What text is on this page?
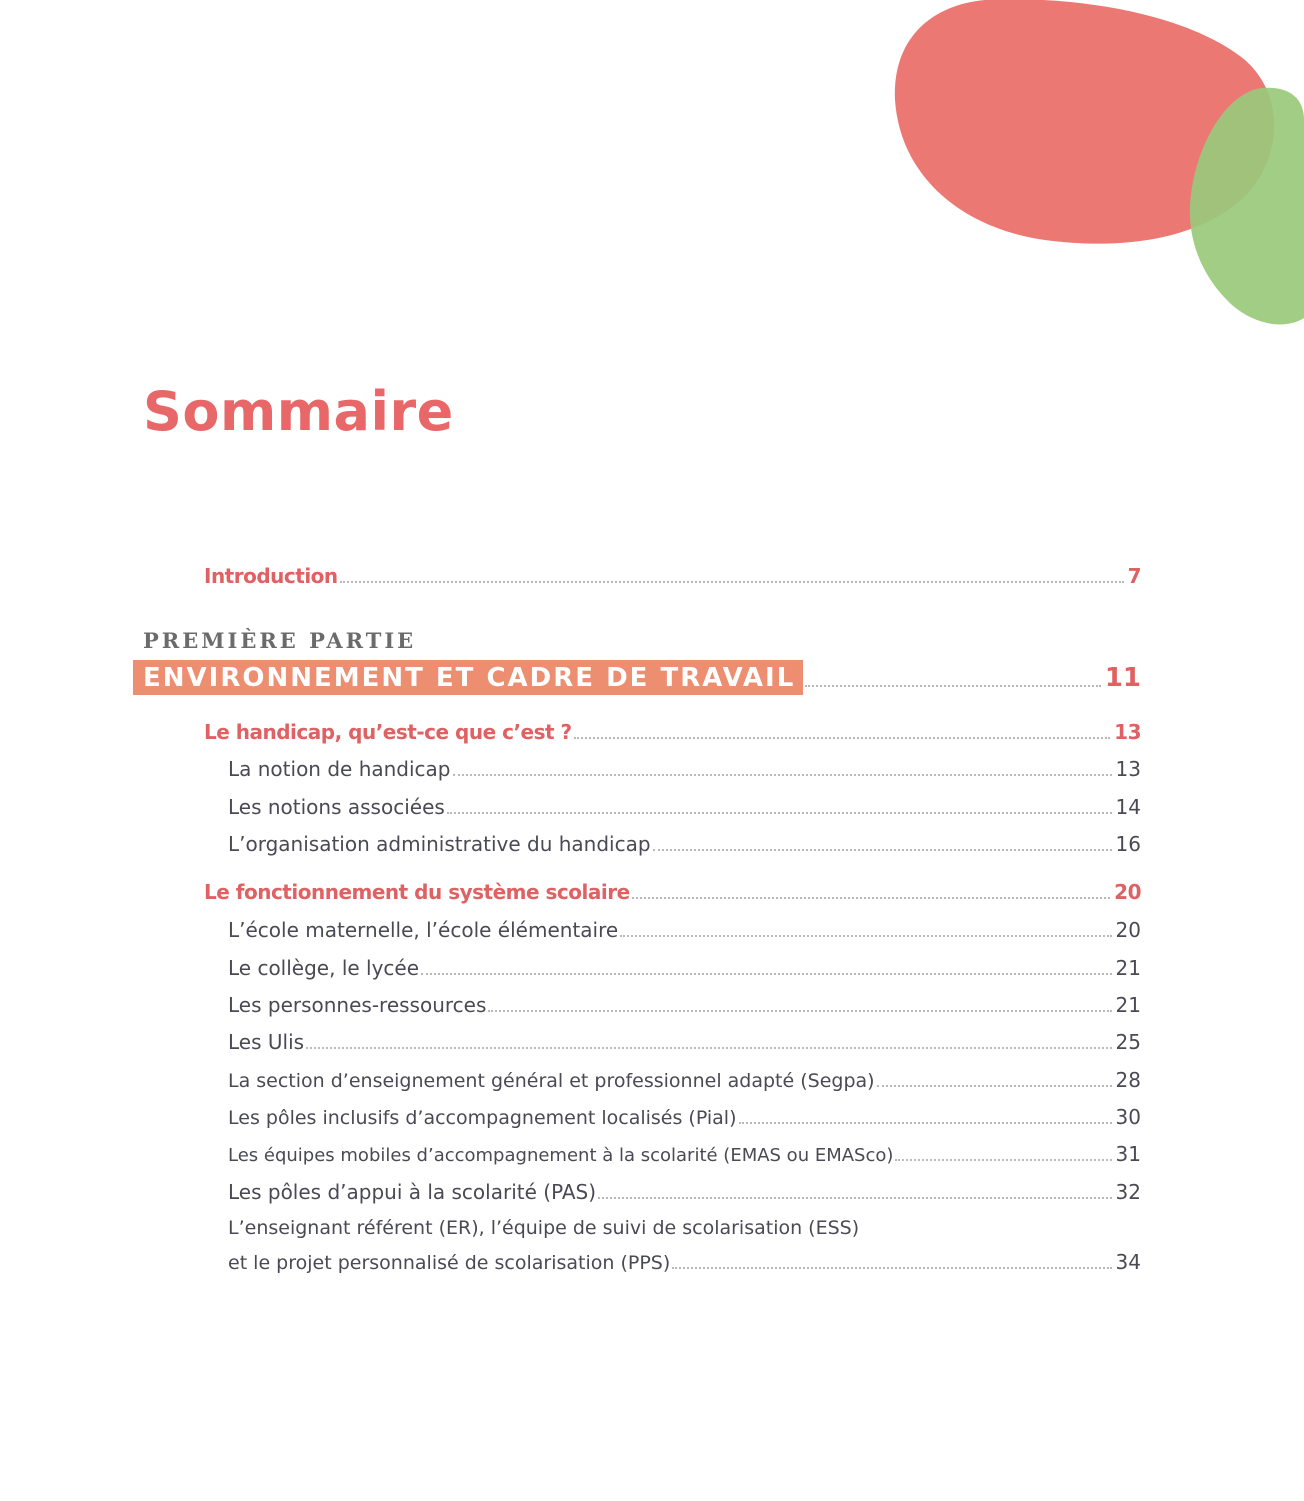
Sommaire
Introduction	7
PREMIÈRE PARTIE
ENVIRONNEMENT ET CADRE DE TRAVAIL	11
Le handicap, qu’est-ce que c’est ?	13
La notion de handicap	13
Les notions associées	14
L’organisation administrative du handicap	16
Le fonctionnement du système scolaire	20
L’école maternelle, l’école élémentaire	20
Le collège, le lycée	21
Les personnes-ressources	21
Les Ulis	25
La section d’enseignement général et professionnel adapté (Segpa)	28
Les pôles inclusifs d’accompagnement localisés (Pial)	30
Les équipes mobiles d’accompagnement à la scolarité (EMAS ou EMASco)	31
Les pôles d’appui à la scolarité (PAS)	32
L’enseignant référent (ER), l’équipe de suivi de scolarisation (ESS)
et le projet personnalisé de scolarisation (PPS)	34
